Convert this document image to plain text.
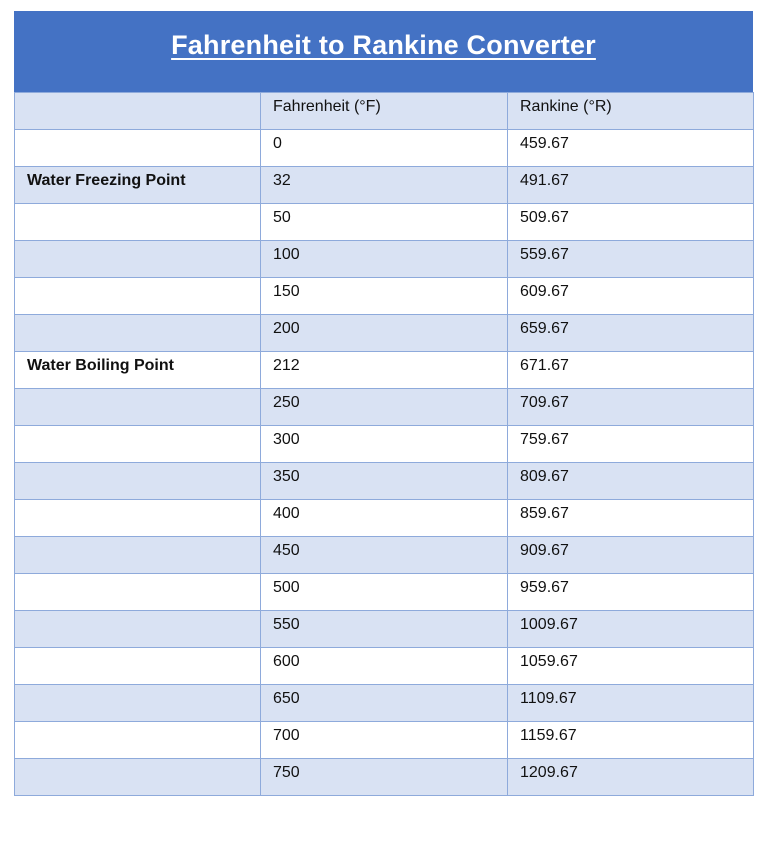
Fahrenheit to Rankine Converter
	Fahrenheit (°F)	Rankine (°R)
	0	459.67
Water Freezing Point	32	491.67
	50	509.67
	100	559.67
	150	609.67
	200	659.67
Water Boiling Point	212	671.67
	250	709.67
	300	759.67
	350	809.67
	400	859.67
	450	909.67
	500	959.67
	550	1009.67
	600	1059.67
	650	1109.67
	700	1159.67
	750	1209.67
